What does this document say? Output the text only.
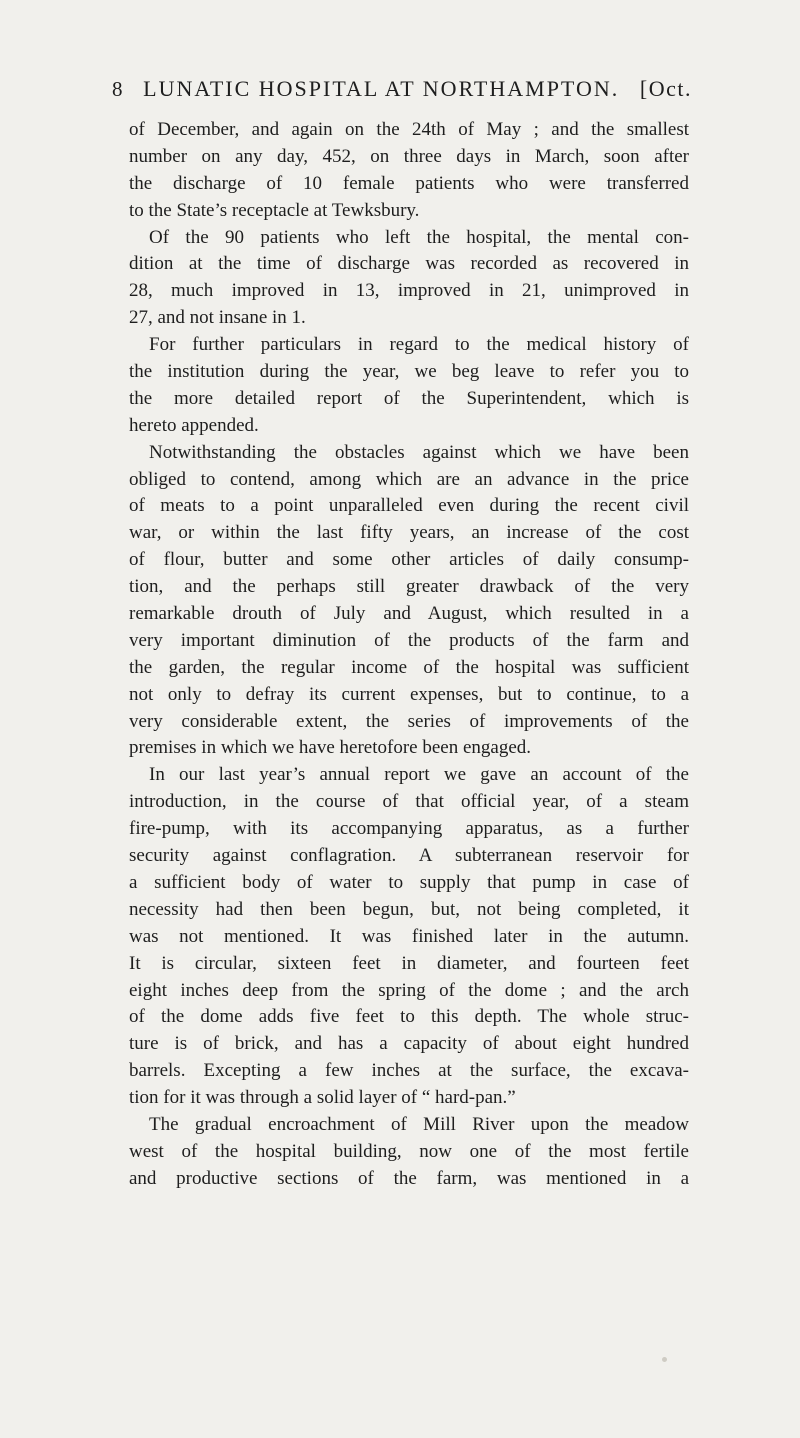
8 LUNATIC HOSPITAL AT NORTHAMPTON. [Oct.
of December, and again on the 24th of May ; and the smallest
number on any day, 452, on three days in March, soon after
the discharge of 10 female patients who were transferred
to the State’s receptacle at Tewksbury.
Of the 90 patients who left the hospital, the mental con-
dition at the time of discharge was recorded as recovered in
28, much improved in 13, improved in 21, unimproved in
27, and not insane in 1.
For further particulars in regard to the medical history of
the institution during the year, we beg leave to refer you to
the more detailed report of the Superintendent, which is
hereto appended.
Notwithstanding the obstacles against which we have been
obliged to contend, among which are an advance in the price
of meats to a point unparalleled even during the recent civil
war, or within the last fifty years, an increase of the cost
of flour, butter and some other articles of daily consump-
tion, and the perhaps still greater drawback of the very
remarkable drouth of July and August, which resulted in a
very important diminution of the products of the farm and
the garden, the regular income of the hospital was sufficient
not only to defray its current expenses, but to continue, to a
very considerable extent, the series of improvements of the
premises in which we have heretofore been engaged.
In our last year’s annual report we gave an account of the
introduction, in the course of that official year, of a steam
fire-pump, with its accompanying apparatus, as a further
security against conflagration. A subterranean reservoir for
a sufficient body of water to supply that pump in case of
necessity had then been begun, but, not being completed, it
was not mentioned. It was finished later in the autumn.
It is circular, sixteen feet in diameter, and fourteen feet
eight inches deep from the spring of the dome ; and the arch
of the dome adds five feet to this depth. The whole struc-
ture is of brick, and has a capacity of about eight hundred
barrels. Excepting a few inches at the surface, the excava-
tion for it was through a solid layer of “ hard-pan.”
The gradual encroachment of Mill River upon the meadow
west of the hospital building, now one of the most fertile
and productive sections of the farm, was mentioned in a
